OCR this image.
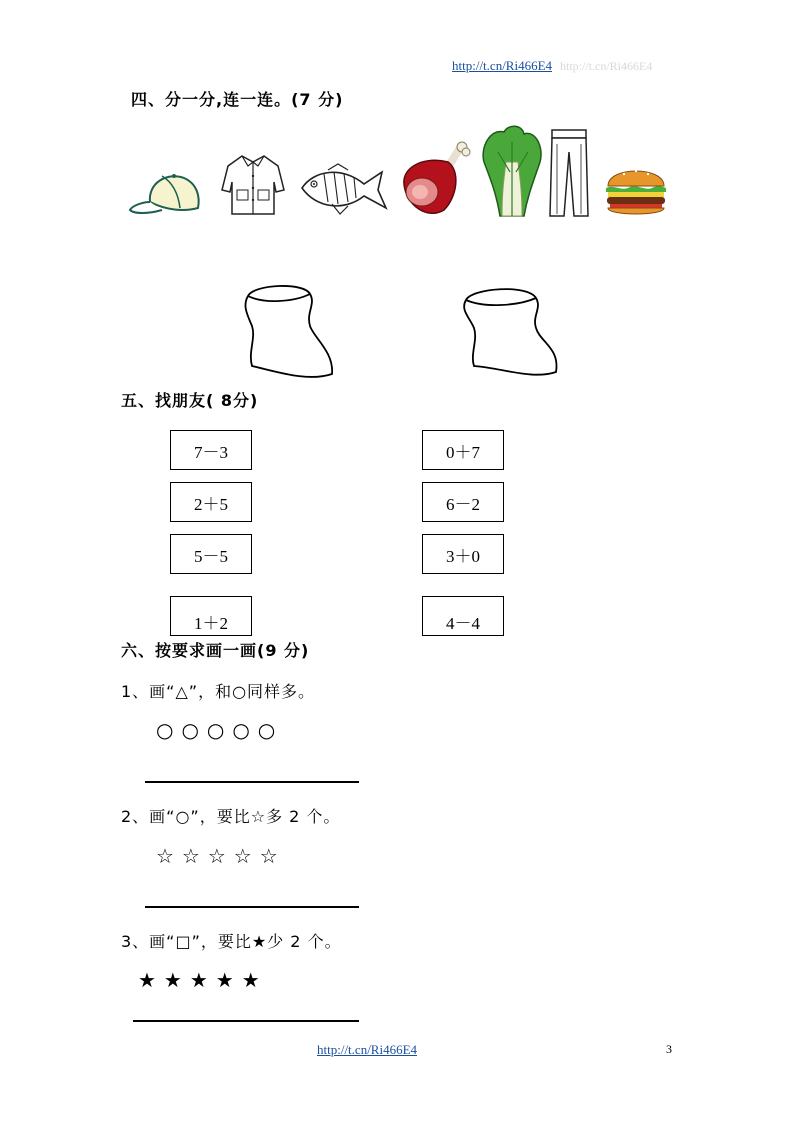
http://t.cn/Ri466E4 http://t.cn/Ri466E4
四、分一分,连一连。(7 分)
五、找朋友( 8分)
7－3
2＋5
5－5
1＋2
0＋7
6－2
3＋0
4－4
六、按要求画一画(9 分)
1、画“△”，和○同样多。
○○○○○
2、画“○”，要比☆多 2 个。
☆☆☆☆☆
3、画“□”，要比★少 2 个。
★★★★★
http://t.cn/Ri466E4	3
